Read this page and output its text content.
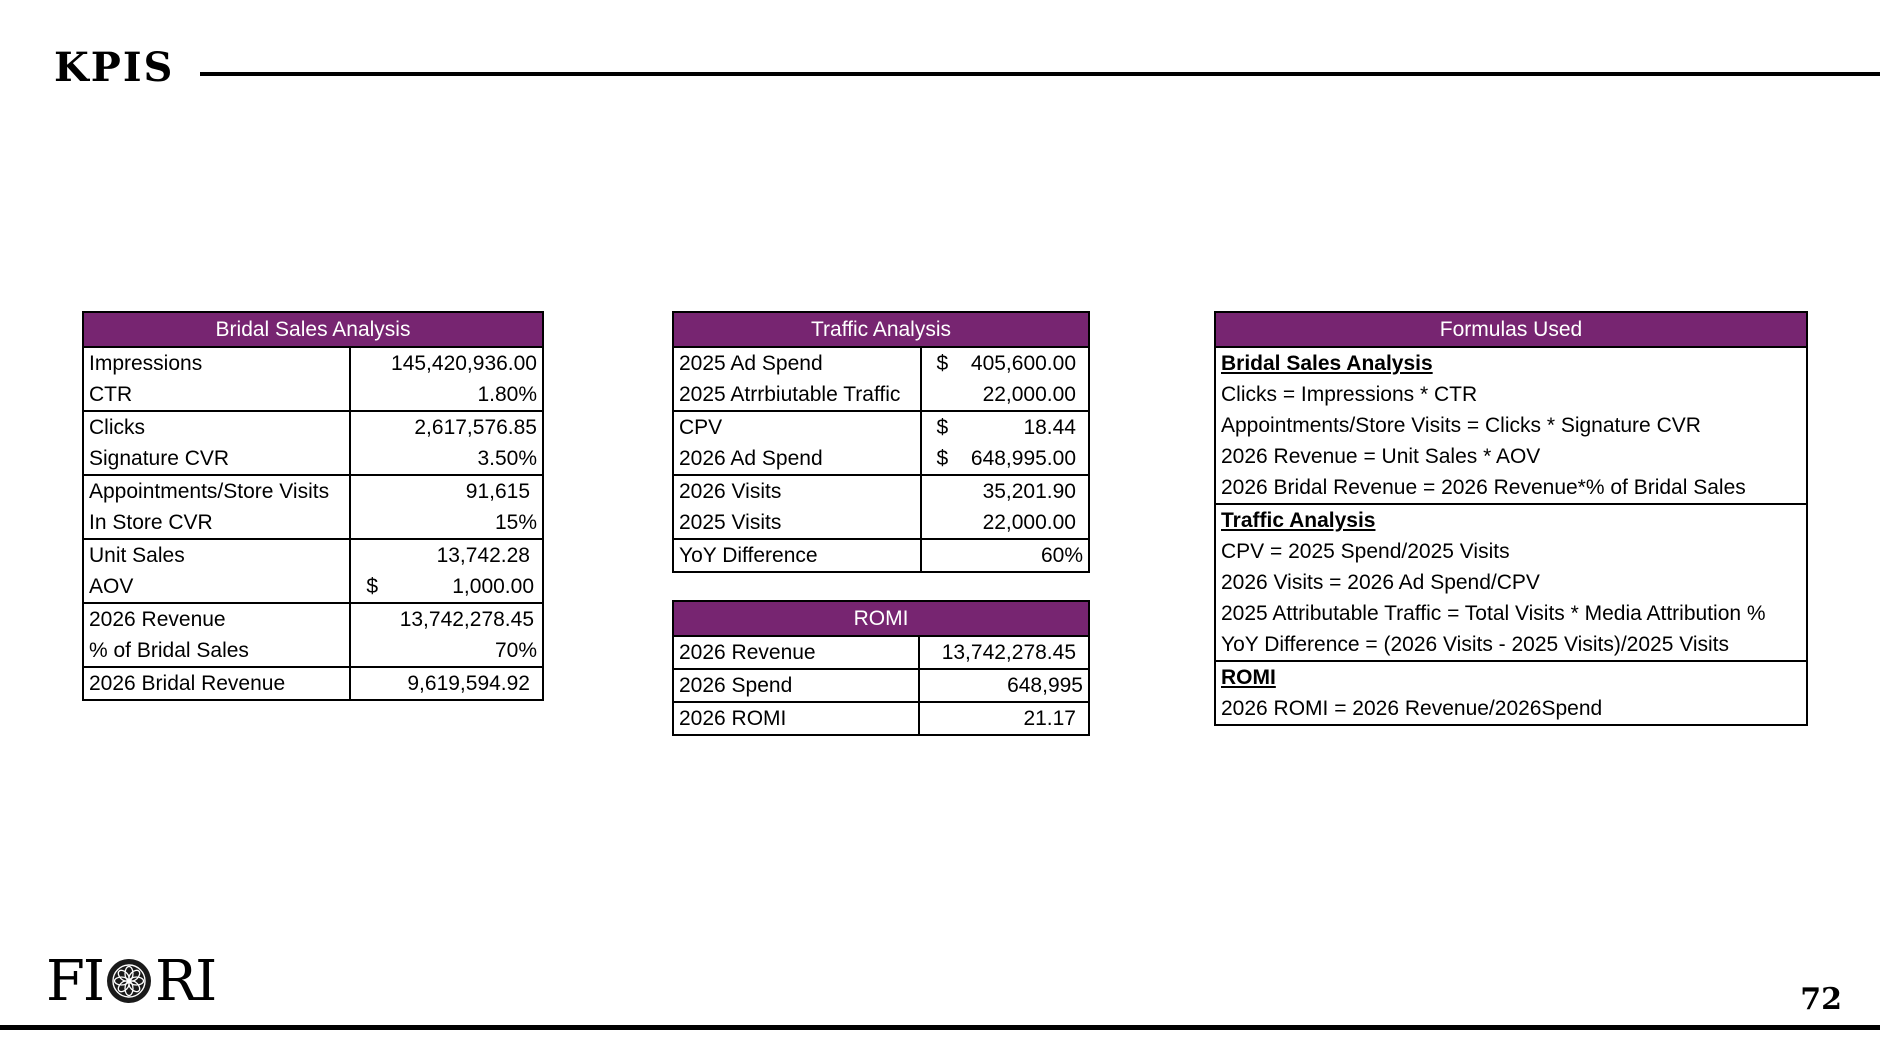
KPIS
Bridal Sales Analysis	
Impressions	145,420,936.00
CTR	1.80%
Clicks	2,617,576.85
Signature CVR	3.50%
Appointments/Store Visits	91,615
In Store CVR	15%
Unit Sales	13,742.28
AOV	$ 1,000.00
2026 Revenue	13,742,278.45
% of Bridal Sales	70%
2026 Bridal Revenue	9,619,594.92
Traffic Analysis	
2025 Ad Spend	$ 405,600.00
2025 Atrrbiutable Traffic	22,000.00
CPV	$ 18.44
2026 Ad Spend	$ 648,995.00
2026 Visits	35,201.90
2025 Visits	22,000.00
YoY Difference	60%
ROMI	
2026 Revenue	13,742,278.45
2026 Spend	648,995
2026 ROMI	21.17
Formulas Used
Bridal Sales Analysis
Clicks = Impressions * CTR
Appointments/Store Visits = Clicks * Signature CVR
2026 Revenue = Unit Sales * AOV
2026 Bridal Revenue = 2026 Revenue*% of Bridal Sales
Traffic Analysis
CPV = 2025 Spend/2025 Visits
2026 Visits = 2026 Ad Spend/CPV
2025 Attributable Traffic = Total Visits * Media Attribution %
YoY Difference = (2026 Visits - 2025 Visits)/2025 Visits
ROMI
2026 ROMI = 2026 Revenue/2026Spend
FI RI	72
